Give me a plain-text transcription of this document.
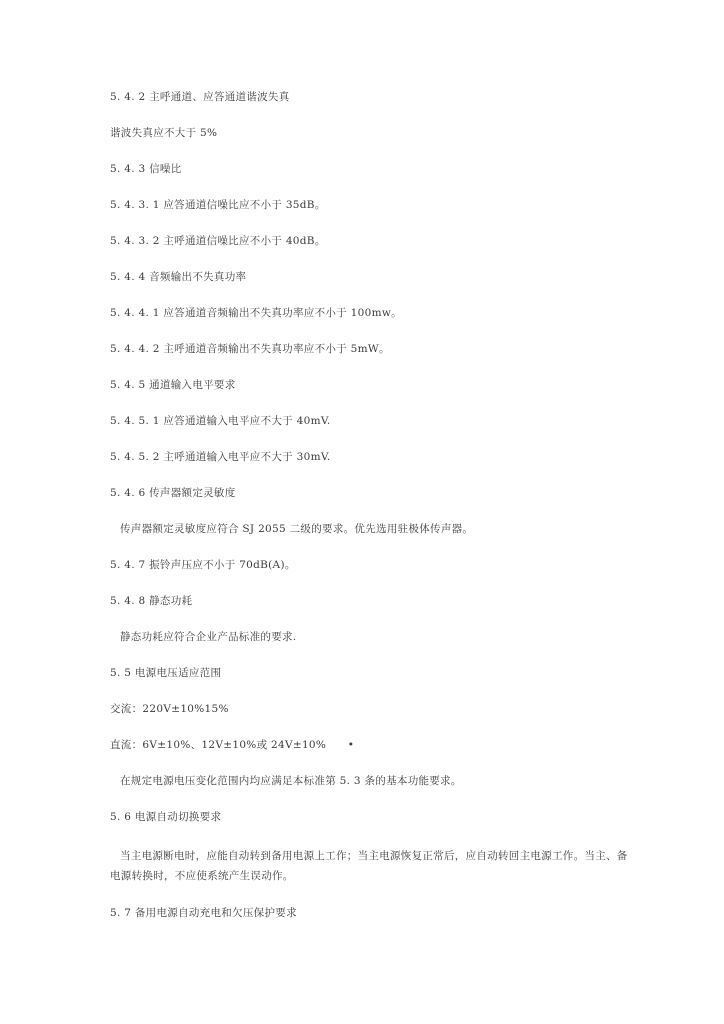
5. 4. 2 主呼通道、应答通道谐波失真
谐波失真应不大于 5%
5. 4. 3 信噪比
5. 4. 3. 1 应答通道信噪比应不小于 35dB。
5. 4. 3. 2 主呼通道信噪比应不小于 40dB。
5. 4. 4 音频输出不失真功率
5. 4. 4. 1 应答通道音频输出不失真功率应不小于 100mw。
5. 4. 4. 2 主呼通道音频输出不失真功率应不小于 5mW。
5. 4. 5 通道输入电平要求
5. 4. 5. 1 应答通道输入电平应不大于 40mV.
5. 4. 5. 2 主呼通道输入电平应不大于 30mV.
5. 4. 6 传声器额定灵敏度
传声器额定灵敏度应符合 SJ 2055 二级的要求。优先选用驻极体传声器。
5. 4. 7 振铃声压应不小于 70dB(A)。
5. 4. 8 静态功耗
静态功耗应符合企业产品标准的要求.
5. 5 电源电压适应范围
交流：220V±10%15%
直流：6V±10%、12V±10%或 24V±10%　　•
在规定电源电压变化范围内均应满足本标准第 5. 3 条的基本功能要求。
5. 6 电源自动切换要求
当主电源断电时，应能自动转到备用电源上工作；当主电源恢复正常后，应自动转回主电源工作。当主、备电源转换时，不应使系统产生误动作。
5. 7 备用电源自动充电和欠压保护要求
